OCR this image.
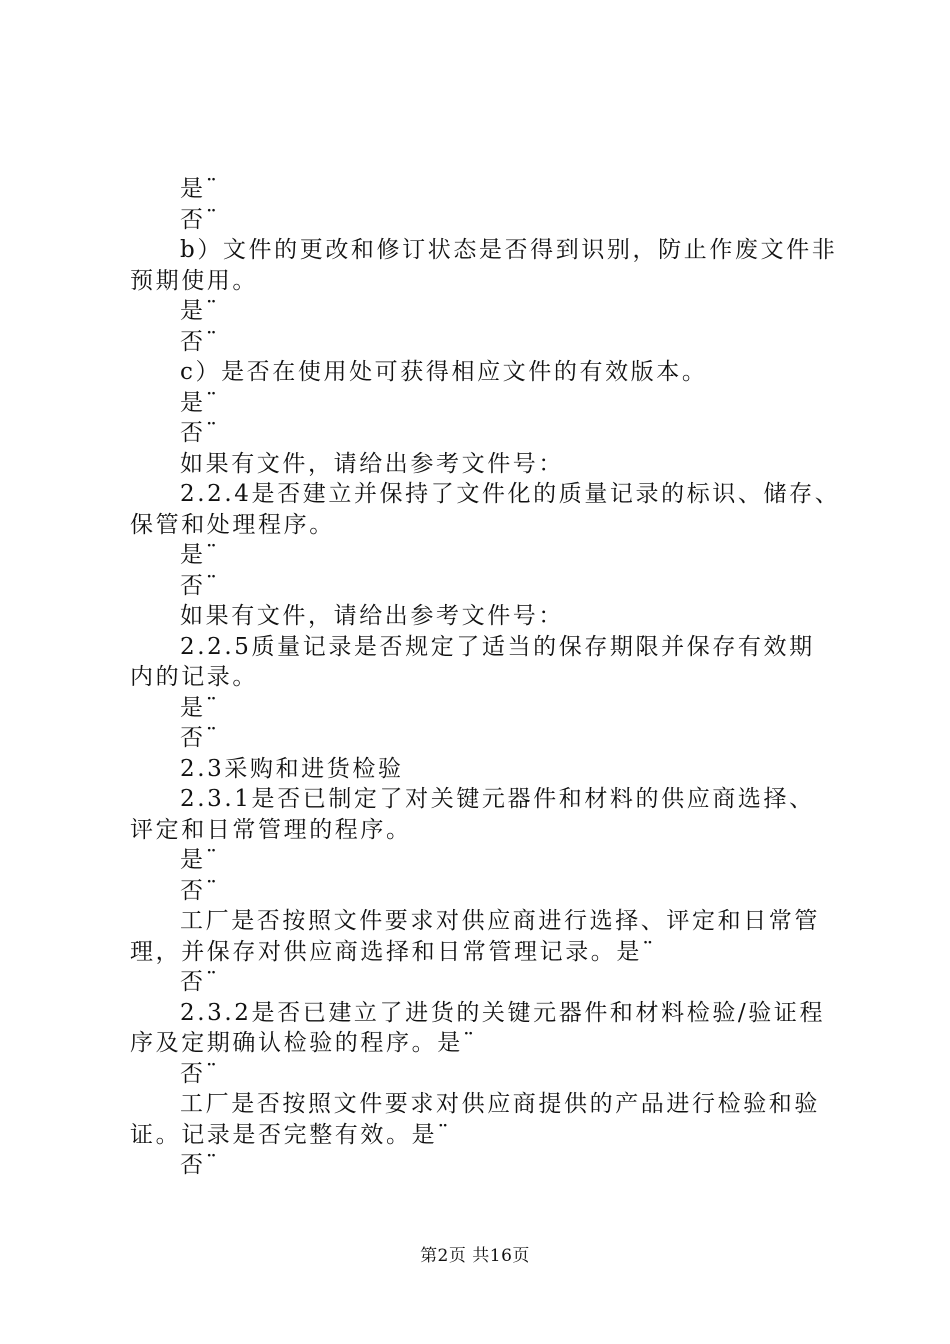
是¨
否¨
b）文件的更改和修订状态是否得到识别，防止作废文件非
预期使用。
是¨
否¨
c）是否在使用处可获得相应文件的有效版本。
是¨
否¨
如果有文件，请给出参考文件号：
2.2.4是否建立并保持了文件化的质量记录的标识、储存、
保管和处理程序。
是¨
否¨
如果有文件，请给出参考文件号：
2.2.5质量记录是否规定了适当的保存期限并保存有效期
内的记录。
是¨
否¨
2.3采购和进货检验
2.3.1是否已制定了对关键元器件和材料的供应商选择、
评定和日常管理的程序。
是¨
否¨
工厂是否按照文件要求对供应商进行选择、评定和日常管
理，并保存对供应商选择和日常管理记录。是¨
否¨
2.3.2是否已建立了进货的关键元器件和材料检验/验证程
序及定期确认检验的程序。是¨
否¨
工厂是否按照文件要求对供应商提供的产品进行检验和验
证。记录是否完整有效。是¨
否¨
第2页 共16页
